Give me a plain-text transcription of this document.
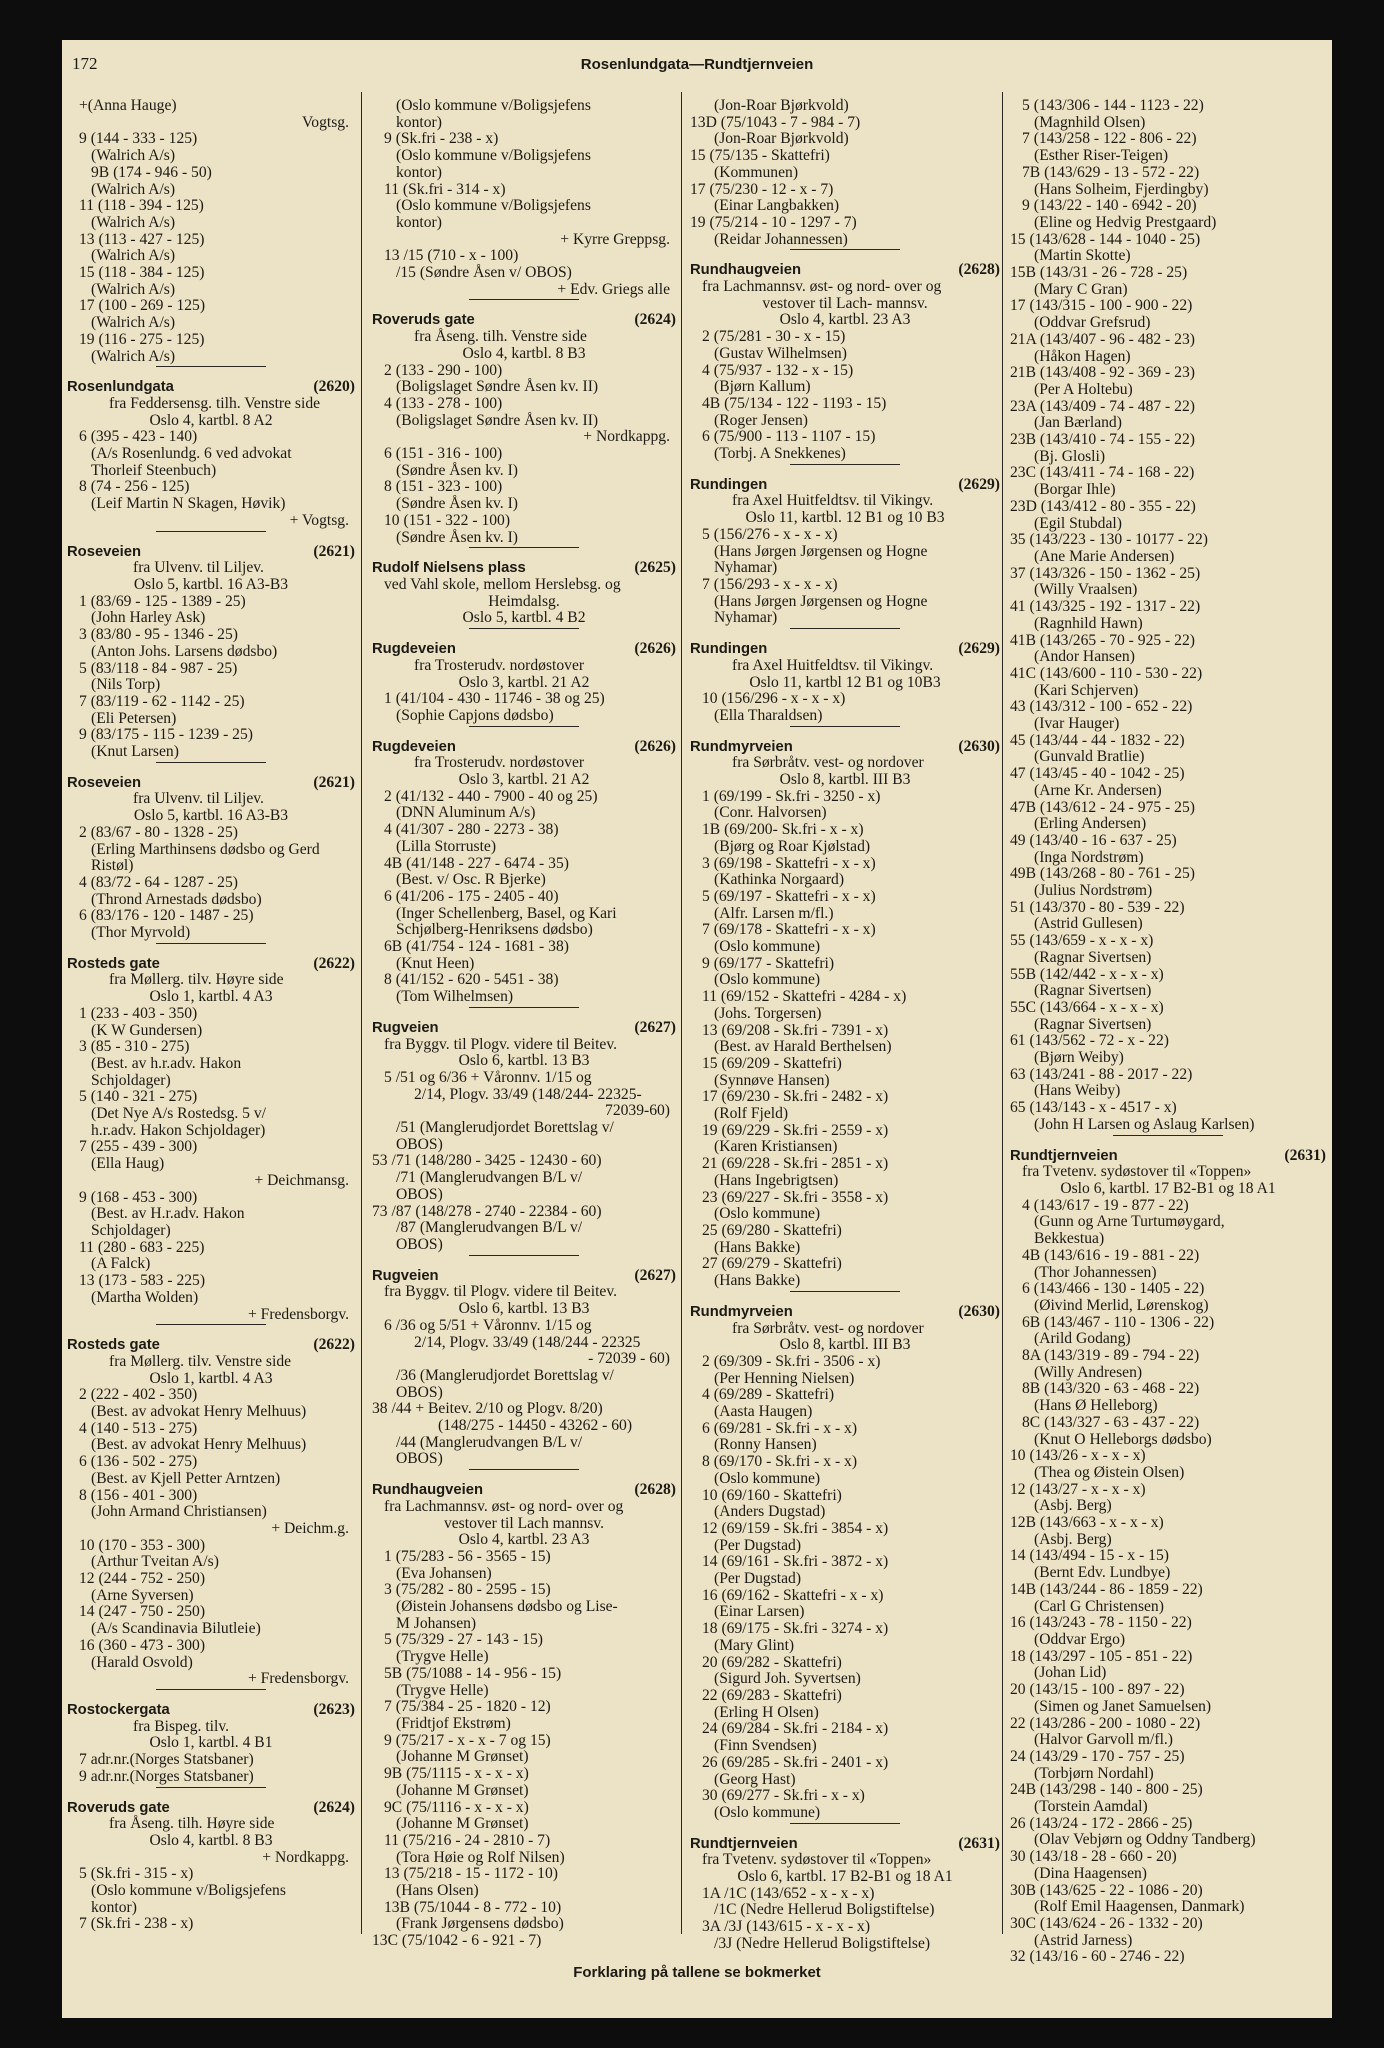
172	Rosenlundgata—Rundtjernveien
+(Anna Hauge)
Vogtsg.
9 (144 - 333 - 125)
(Walrich A/s)
9B (174 - 946 - 50)
(Walrich A/s)
11 (118 - 394 - 125)
(Walrich A/s)
13 (113 - 427 - 125)
(Walrich A/s)
15 (118 - 384 - 125)
(Walrich A/s)
17 (100 - 269 - 125)
(Walrich A/s)
19 (116 - 275 - 125)
(Walrich A/s)
Rosenlundgata	(2620)
fra Feddersensg. tilh. Venstre side
Oslo 4, kartbl. 8 A2
6 (395 - 423 - 140)
(A/s Rosenlundg. 6 ved advokat
Thorleif Steenbuch)
8 (74 - 256 - 125)
(Leif Martin N Skagen, Høvik)
+ Vogtsg.
Roseveien	(2621)
fra Ulvenv. til Liljev.
Oslo 5, kartbl. 16 A3-B3
1 (83/69 - 125 - 1389 - 25)
(John Harley Ask)
3 (83/80 - 95 - 1346 - 25)
(Anton Johs. Larsens dødsbo)
5 (83/118 - 84 - 987 - 25)
(Nils Torp)
7 (83/119 - 62 - 1142 - 25)
(Eli Petersen)
9 (83/175 - 115 - 1239 - 25)
(Knut Larsen)
Roseveien	(2621)
fra Ulvenv. til Liljev.
Oslo 5, kartbl. 16 A3-B3
2 (83/67 - 80 - 1328 - 25)
(Erling Marthinsens dødsbo og Gerd
Ristøl)
4 (83/72 - 64 - 1287 - 25)
(Thrond Arnestads dødsbo)
6 (83/176 - 120 - 1487 - 25)
(Thor Myrvold)
Rosteds gate	(2622)
fra Møllerg. tilv. Høyre side
Oslo 1, kartbl. 4 A3
1 (233 - 403 - 350)
(K W Gundersen)
3 (85 - 310 - 275)
(Best. av h.r.adv. Hakon
Schjoldager)
5 (140 - 321 - 275)
(Det Nye A/s Rostedsg. 5 v/
h.r.adv. Hakon Schjoldager)
7 (255 - 439 - 300)
(Ella Haug)
+ Deichmansg.
9 (168 - 453 - 300)
(Best. av H.r.adv. Hakon
Schjoldager)
11 (280 - 683 - 225)
(A Falck)
13 (173 - 583 - 225)
(Martha Wolden)
+ Fredensborgv.
Rosteds gate	(2622)
fra Møllerg. tilv. Venstre side
Oslo 1, kartbl. 4 A3
2 (222 - 402 - 350)
(Best. av advokat Henry Melhuus)
4 (140 - 513 - 275)
(Best. av advokat Henry Melhuus)
6 (136 - 502 - 275)
(Best. av Kjell Petter Arntzen)
8 (156 - 401 - 300)
(John Armand Christiansen)
+ Deichm.g.
10 (170 - 353 - 300)
(Arthur Tveitan A/s)
12 (244 - 752 - 250)
(Arne Syversen)
14 (247 - 750 - 250)
(A/s Scandinavia Bilutleie)
16 (360 - 473 - 300)
(Harald Osvold)
+ Fredensborgv.
Rostockergata	(2623)
fra Bispeg. tilv.
Oslo 1, kartbl. 4 B1
7 adr.nr.(Norges Statsbaner)
9 adr.nr.(Norges Statsbaner)
Roveruds gate	(2624)
fra Åseng. tilh. Høyre side
Oslo 4, kartbl. 8 B3
+ Nordkappg.
5 (Sk.fri - 315 - x)
(Oslo kommune v/Boligsjefens
kontor)
7 (Sk.fri - 238 - x)
(Oslo kommune v/Boligsjefens
kontor)
9 (Sk.fri - 238 - x)
(Oslo kommune v/Boligsjefens
kontor)
11 (Sk.fri - 314 - x)
(Oslo kommune v/Boligsjefens
kontor)
+ Kyrre Greppsg.
13 /15 (710 - x - 100)
/15 (Søndre Åsen v/ OBOS)
+ Edv. Griegs alle
Roveruds gate	(2624)
fra Åseng. tilh. Venstre side
Oslo 4, kartbl. 8 B3
2 (133 - 290 - 100)
(Boligslaget Søndre Åsen kv. II)
4 (133 - 278 - 100)
(Boligslaget Søndre Åsen kv. II)
+ Nordkappg.
6 (151 - 316 - 100)
(Søndre Åsen kv. I)
8 (151 - 323 - 100)
(Søndre Åsen kv. I)
10 (151 - 322 - 100)
(Søndre Åsen kv. I)
Rudolf Nielsens plass	(2625)
ved Vahl skole, mellom Herslebsg. og
Heimdalsg.
Oslo 5, kartbl. 4 B2
Rugdeveien	(2626)
fra Trosterudv. nordøstover
Oslo 3, kartbl. 21 A2
1 (41/104 - 430 - 11746 - 38 og 25)
(Sophie Capjons dødsbo)
Rugdeveien	(2626)
fra Trosterudv. nordøstover
Oslo 3, kartbl. 21 A2
2 (41/132 - 440 - 7900 - 40 og 25)
(DNN Aluminum A/s)
4 (41/307 - 280 - 2273 - 38)
(Lilla Storruste)
4B (41/148 - 227 - 6474 - 35)
(Best. v/ Osc. R Bjerke)
6 (41/206 - 175 - 2405 - 40)
(Inger Schellenberg, Basel, og Kari
Schjølberg-Henriksens dødsbo)
6B (41/754 - 124 - 1681 - 38)
(Knut Heen)
8 (41/152 - 620 - 5451 - 38)
(Tom Wilhelmsen)
Rugveien	(2627)
fra Byggv. til Plogv. videre til Beitev.
Oslo 6, kartbl. 13 B3
5 /51 og 6/36 + Våronnv. 1/15 og
2/14, Plogv. 33/49 (148/244- 22325-
72039-60)
/51 (Manglerudjordet Borettslag v/
OBOS)
53 /71 (148/280 - 3425 - 12430 - 60)
/71 (Manglerudvangen B/L v/
OBOS)
73 /87 (148/278 - 2740 - 22384 - 60)
/87 (Manglerudvangen B/L v/
OBOS)
Rugveien	(2627)
fra Byggv. til Plogv. videre til Beitev.
Oslo 6, kartbl. 13 B3
6 /36 og 5/51 + Våronnv. 1/15 og
2/14, Plogv. 33/49 (148/244 - 22325
- 72039 - 60)
/36 (Manglerudjordet Borettslag v/
OBOS)
38 /44 + Beitev. 2/10 og Plogv. 8/20)
(148/275 - 14450 - 43262 - 60)
/44 (Manglerudvangen B/L v/
OBOS)
Rundhaugveien	(2628)
fra Lachmannsv. øst- og nord- over og
vestover til Lach mannsv.
Oslo 4, kartbl. 23 A3
1 (75/283 - 56 - 3565 - 15)
(Eva Johansen)
3 (75/282 - 80 - 2595 - 15)
(Øistein Johansens dødsbo og Lise-
M Johansen)
5 (75/329 - 27 - 143 - 15)
(Trygve Helle)
5B (75/1088 - 14 - 956 - 15)
(Trygve Helle)
7 (75/384 - 25 - 1820 - 12)
(Fridtjof Ekstrøm)
9 (75/217 - x - x - 7 og 15)
(Johanne M Grønset)
9B (75/1115 - x - x - x)
(Johanne M Grønset)
9C (75/1116 - x - x - x)
(Johanne M Grønset)
11 (75/216 - 24 - 2810 - 7)
(Tora Høie og Rolf Nilsen)
13 (75/218 - 15 - 1172 - 10)
(Hans Olsen)
13B (75/1044 - 8 - 772 - 10)
(Frank Jørgensens dødsbo)
13C (75/1042 - 6 - 921 - 7)
(Jon-Roar Bjørkvold)
13D (75/1043 - 7 - 984 - 7)
(Jon-Roar Bjørkvold)
15 (75/135 - Skattefri)
(Kommunen)
17 (75/230 - 12 - x - 7)
(Einar Langbakken)
19 (75/214 - 10 - 1297 - 7)
(Reidar Johannessen)
Rundhaugveien	(2628)
fra Lachmannsv. øst- og nord- over og
vestover til Lach- mannsv.
Oslo 4, kartbl. 23 A3
2 (75/281 - 30 - x - 15)
(Gustav Wilhelmsen)
4 (75/937 - 132 - x - 15)
(Bjørn Kallum)
4B (75/134 - 122 - 1193 - 15)
(Roger Jensen)
6 (75/900 - 113 - 1107 - 15)
(Torbj. A Snekkenes)
Rundingen	(2629)
fra Axel Huitfeldtsv. til Vikingv.
Oslo 11, kartbl. 12 B1 og 10 B3
5 (156/276 - x - x - x)
(Hans Jørgen Jørgensen og Hogne
Nyhamar)
7 (156/293 - x - x - x)
(Hans Jørgen Jørgensen og Hogne
Nyhamar)
Rundingen	(2629)
fra Axel Huitfeldtsv. til Vikingv.
Oslo 11, kartbl 12 B1 og 10B3
10 (156/296 - x - x - x)
(Ella Tharaldsen)
Rundmyrveien	(2630)
fra Sørbråtv. vest- og nordover
Oslo 8, kartbl. III B3
1 (69/199 - Sk.fri - 3250 - x)
(Conr. Halvorsen)
1B (69/200- Sk.fri - x - x)
(Bjørg og Roar Kjølstad)
3 (69/198 - Skattefri - x - x)
(Kathinka Norgaard)
5 (69/197 - Skattefri - x - x)
(Alfr. Larsen m/fl.)
7 (69/178 - Skattefri - x - x)
(Oslo kommune)
9 (69/177 - Skattefri)
(Oslo kommune)
11 (69/152 - Skattefri - 4284 - x)
(Johs. Torgersen)
13 (69/208 - Sk.fri - 7391 - x)
(Best. av Harald Berthelsen)
15 (69/209 - Skattefri)
(Synnøve Hansen)
17 (69/230 - Sk.fri - 2482 - x)
(Rolf Fjeld)
19 (69/229 - Sk.fri - 2559 - x)
(Karen Kristiansen)
21 (69/228 - Sk.fri - 2851 - x)
(Hans Ingebrigtsen)
23 (69/227 - Sk.fri - 3558 - x)
(Oslo kommune)
25 (69/280 - Skattefri)
(Hans Bakke)
27 (69/279 - Skattefri)
(Hans Bakke)
Rundmyrveien	(2630)
fra Sørbråtv. vest- og nordover
Oslo 8, kartbl. III B3
2 (69/309 - Sk.fri - 3506 - x)
(Per Henning Nielsen)
4 (69/289 - Skattefri)
(Aasta Haugen)
6 (69/281 - Sk.fri - x - x)
(Ronny Hansen)
8 (69/170 - Sk.fri - x - x)
(Oslo kommune)
10 (69/160 - Skattefri)
(Anders Dugstad)
12 (69/159 - Sk.fri - 3854 - x)
(Per Dugstad)
14 (69/161 - Sk.fri - 3872 - x)
(Per Dugstad)
16 (69/162 - Skattefri - x - x)
(Einar Larsen)
18 (69/175 - Sk.fri - 3274 - x)
(Mary Glint)
20 (69/282 - Skattefri)
(Sigurd Joh. Syvertsen)
22 (69/283 - Skattefri)
(Erling H Olsen)
24 (69/284 - Sk.fri - 2184 - x)
(Finn Svendsen)
26 (69/285 - Sk.fri - 2401 - x)
(Georg Hast)
30 (69/277 - Sk.fri - x - x)
(Oslo kommune)
Rundtjernveien	(2631)
fra Tvetenv. sydøstover til «Toppen»
Oslo 6, kartbl. 17 B2-B1 og 18 A1
1A /1C (143/652 - x - x - x)
/1C (Nedre Hellerud Boligstiftelse)
3A /3J (143/615 - x - x - x)
/3J (Nedre Hellerud Boligstiftelse)
5 (143/306 - 144 - 1123 - 22)
(Magnhild Olsen)
7 (143/258 - 122 - 806 - 22)
(Esther Riser-Teigen)
7B (143/629 - 13 - 572 - 22)
(Hans Solheim, Fjerdingby)
9 (143/22 - 140 - 6942 - 20)
(Eline og Hedvig Prestgaard)
15 (143/628 - 144 - 1040 - 25)
(Martin Skotte)
15B (143/31 - 26 - 728 - 25)
(Mary C Gran)
17 (143/315 - 100 - 900 - 22)
(Oddvar Grefsrud)
21A (143/407 - 96 - 482 - 23)
(Håkon Hagen)
21B (143/408 - 92 - 369 - 23)
(Per A Holtebu)
23A (143/409 - 74 - 487 - 22)
(Jan Bærland)
23B (143/410 - 74 - 155 - 22)
(Bj. Glosli)
23C (143/411 - 74 - 168 - 22)
(Borgar Ihle)
23D (143/412 - 80 - 355 - 22)
(Egil Stubdal)
35 (143/223 - 130 - 10177 - 22)
(Ane Marie Andersen)
37 (143/326 - 150 - 1362 - 25)
(Willy Vraalsen)
41 (143/325 - 192 - 1317 - 22)
(Ragnhild Hawn)
41B (143/265 - 70 - 925 - 22)
(Andor Hansen)
41C (143/600 - 110 - 530 - 22)
(Kari Schjerven)
43 (143/312 - 100 - 652 - 22)
(Ivar Hauger)
45 (143/44 - 44 - 1832 - 22)
(Gunvald Bratlie)
47 (143/45 - 40 - 1042 - 25)
(Arne Kr. Andersen)
47B (143/612 - 24 - 975 - 25)
(Erling Andersen)
49 (143/40 - 16 - 637 - 25)
(Inga Nordstrøm)
49B (143/268 - 80 - 761 - 25)
(Julius Nordstrøm)
51 (143/370 - 80 - 539 - 22)
(Astrid Gullesen)
55 (143/659 - x - x - x)
(Ragnar Sivertsen)
55B (142/442 - x - x - x)
(Ragnar Sivertsen)
55C (143/664 - x - x - x)
(Ragnar Sivertsen)
61 (143/562 - 72 - x - 22)
(Bjørn Weiby)
63 (143/241 - 88 - 2017 - 22)
(Hans Weiby)
65 (143/143 - x - 4517 - x)
(John H Larsen og Aslaug Karlsen)
Rundtjernveien	(2631)
fra Tvetenv. sydøstover til «Toppen»
Oslo 6, kartbl. 17 B2-B1 og 18 A1
4 (143/617 - 19 - 877 - 22)
(Gunn og Arne Turtumøygard,
Bekkestua)
4B (143/616 - 19 - 881 - 22)
(Thor Johannessen)
6 (143/466 - 130 - 1405 - 22)
(Øivind Merlid, Lørenskog)
6B (143/467 - 110 - 1306 - 22)
(Arild Godang)
8A (143/319 - 89 - 794 - 22)
(Willy Andresen)
8B (143/320 - 63 - 468 - 22)
(Hans Ø Helleborg)
8C (143/327 - 63 - 437 - 22)
(Knut O Helleborgs dødsbo)
10 (143/26 - x - x - x)
(Thea og Øistein Olsen)
12 (143/27 - x - x - x)
(Asbj. Berg)
12B (143/663 - x - x - x)
(Asbj. Berg)
14 (143/494 - 15 - x - 15)
(Bernt Edv. Lundbye)
14B (143/244 - 86 - 1859 - 22)
(Carl G Christensen)
16 (143/243 - 78 - 1150 - 22)
(Oddvar Ergo)
18 (143/297 - 105 - 851 - 22)
(Johan Lid)
20 (143/15 - 100 - 897 - 22)
(Simen og Janet Samuelsen)
22 (143/286 - 200 - 1080 - 22)
(Halvor Garvoll m/fl.)
24 (143/29 - 170 - 757 - 25)
(Torbjørn Nordahl)
24B (143/298 - 140 - 800 - 25)
(Torstein Aamdal)
26 (143/24 - 172 - 2866 - 25)
(Olav Vebjørn og Oddny Tandberg)
30 (143/18 - 28 - 660 - 20)
(Dina Haagensen)
30B (143/625 - 22 - 1086 - 20)
(Rolf Emil Haagensen, Danmark)
30C (143/624 - 26 - 1332 - 20)
(Astrid Jarness)
32 (143/16 - 60 - 2746 - 22)
Forklaring på tallene se bokmerket
